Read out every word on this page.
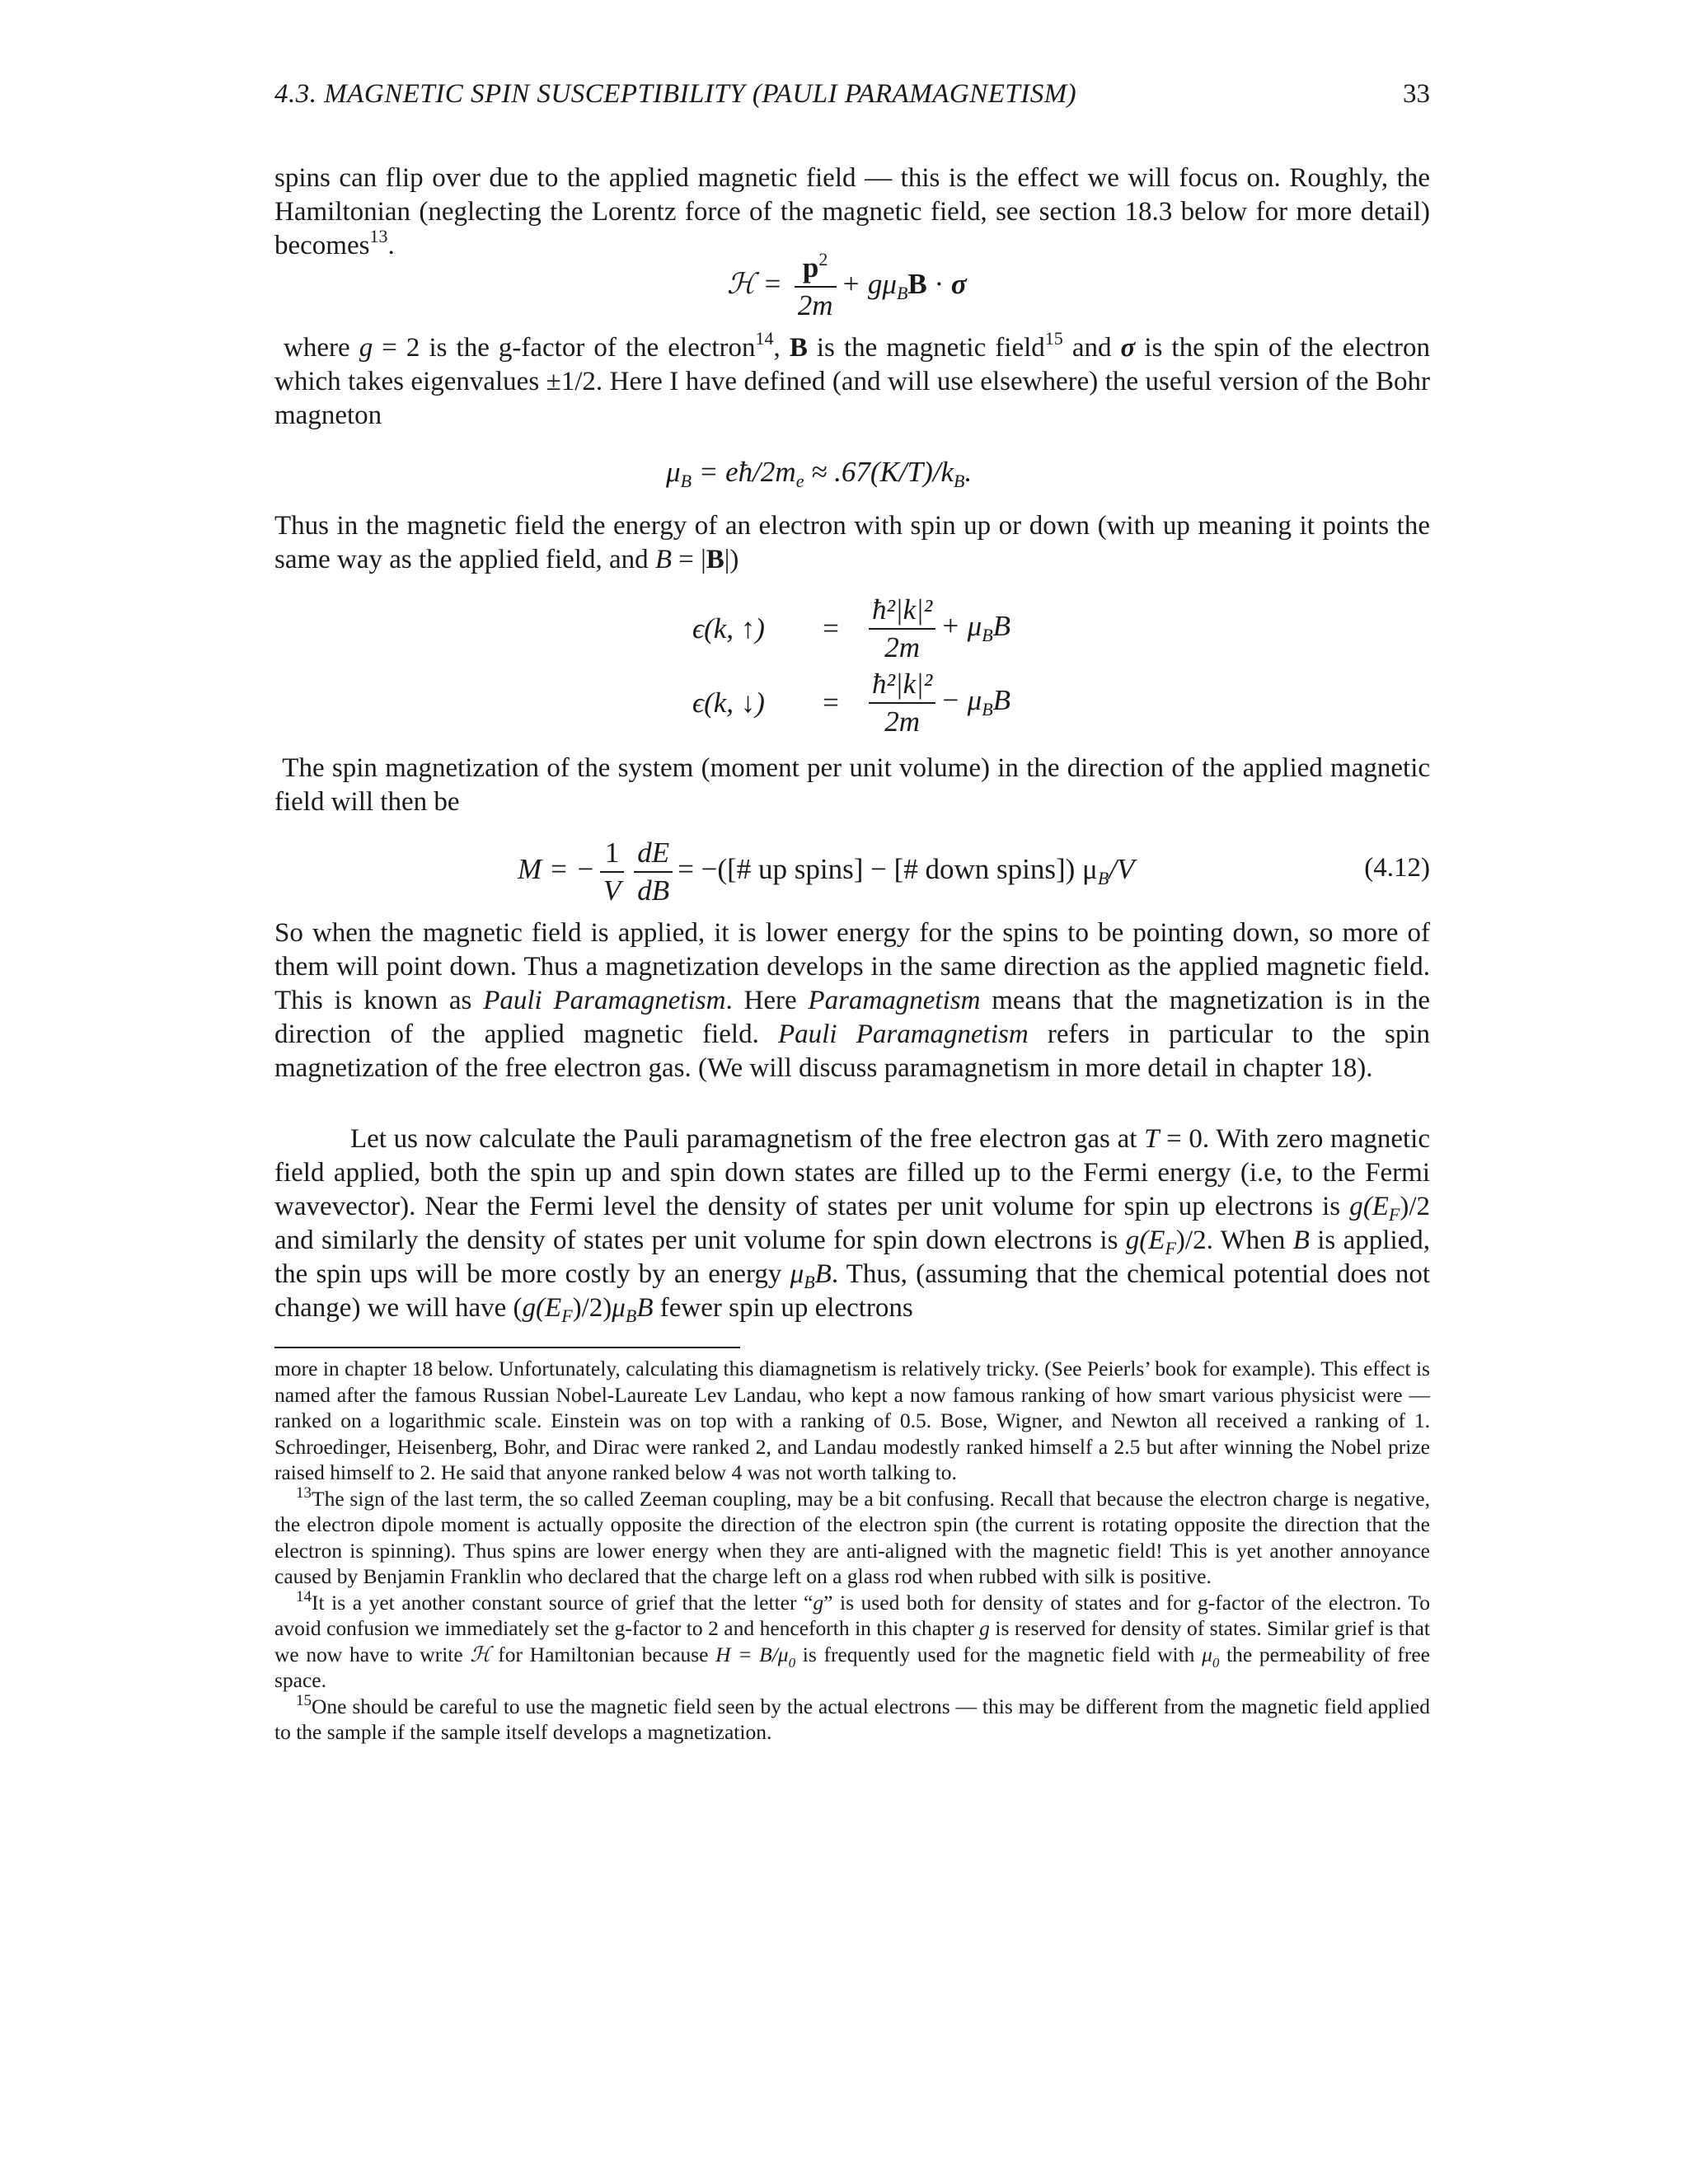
4.3. MAGNETIC SPIN SUSCEPTIBILITY (PAULI PARAMAGNETISM)	33

spins can flip over due to the applied magnetic field — this is the effect we will focus on. Roughly, the Hamiltonian (neglecting the Lorentz force of the magnetic field, see section 18.3 below for more detail) becomes$^{13}$.

ℋ = $\frac{p^2}{2m} + g\mu_BB \cdot \sigma$

where g = 2 is the g-factor of the electron$^{14}$, B is the magnetic field$^{15}$ and σ is the spin of the electron which takes eigenvalues ±1/2. Here I have defined (and will use elsewhere) the useful version of the Bohr magneton

$\mu_B$ = $eħ/2m_e \approx .67(K/T)/k_B$.

Thus in the magnetic field the energy of an electron with spin up or down (with up meaning it points the same way as the applied field, and B = |B|)

ϵ(k, ↑) = $\frac{\text{ħ²|k|²}}{2m} + \mu_BB$
ϵ(k, ↓) = $\frac{\text{ħ²|k|²}}{2m} - \mu_BB$

The spin magnetization of the system (moment per unit volume) in the direction of the applied magnetic field will then be

M = − $\frac{1}{V} \frac{dE}{dB}$ = −([# up spins] − [# down spins]) $\mu_B/V$	(4.12)

So when the magnetic field is applied, it is lower energy for the spins to be pointing down, so more of them will point down. Thus a magnetization develops in the same direction as the applied magnetic field. This is known as Pauli Paramagnetism. Here Paramagnetism means that the magnetization is in the direction of the applied magnetic field. Pauli Paramagnetism refers in particular to the spin magnetization of the free electron gas. (We will discuss paramagnetism in more detail in chapter 18).

Let us now calculate the Pauli paramagnetism of the free electron gas at T = 0. With zero magnetic field applied, both the spin up and spin down states are filled up to the Fermi energy (i.e, to the Fermi wavevector). Near the Fermi level the density of states per unit volume for spin up electrons is $g(E_F)/2$ and similarly the density of states per unit volume for spin down electrons is $g(E_F)/2$. When B is applied, the spin ups will be more costly by an energy $\mu_BB$. Thus, (assuming that the chemical potential does not change) we will have $(g(E_F)/2)\mu_BB$ fewer spin up electrons

more in chapter 18 below. Unfortunately, calculating this diamagnetism is relatively tricky. (See Peierls’ book for example). This effect is named after the famous Russian Nobel-Laureate Lev Landau, who kept a now famous ranking of how smart various physicist were — ranked on a logarithmic scale. Einstein was on top with a ranking of 0.5. Bose, Wigner, and Newton all received a ranking of 1. Schroedinger, Heisenberg, Bohr, and Dirac were ranked 2, and Landau modestly ranked himself a 2.5 but after winning the Nobel prize raised himself to 2. He said that anyone ranked below 4 was not worth talking to.

$^{13}$The sign of the last term, the so called Zeeman coupling, may be a bit confusing. Recall that because the electron charge is negative, the electron dipole moment is actually opposite the direction of the electron spin (the current is rotating opposite the direction that the electron is spinning). Thus spins are lower energy when they are anti-aligned with the magnetic field! This is yet another annoyance caused by Benjamin Franklin who declared that the charge left on a glass rod when rubbed with silk is positive.

$^{14}$It is a yet another constant source of grief that the letter “g” is used both for density of states and for g-factor of the electron. To avoid confusion we immediately set the g-factor to 2 and henceforth in this chapter g is reserved for density of states. Similar grief is that we now have to write ℋ for Hamiltonian because $H = B/\mu_0$ is frequently used for the magnetic field with $\mu_0$ the permeability of free space.

$^{15}$One should be careful to use the magnetic field seen by the actual electrons — this may be different from the magnetic field applied to the sample if the sample itself develops a magnetization.
